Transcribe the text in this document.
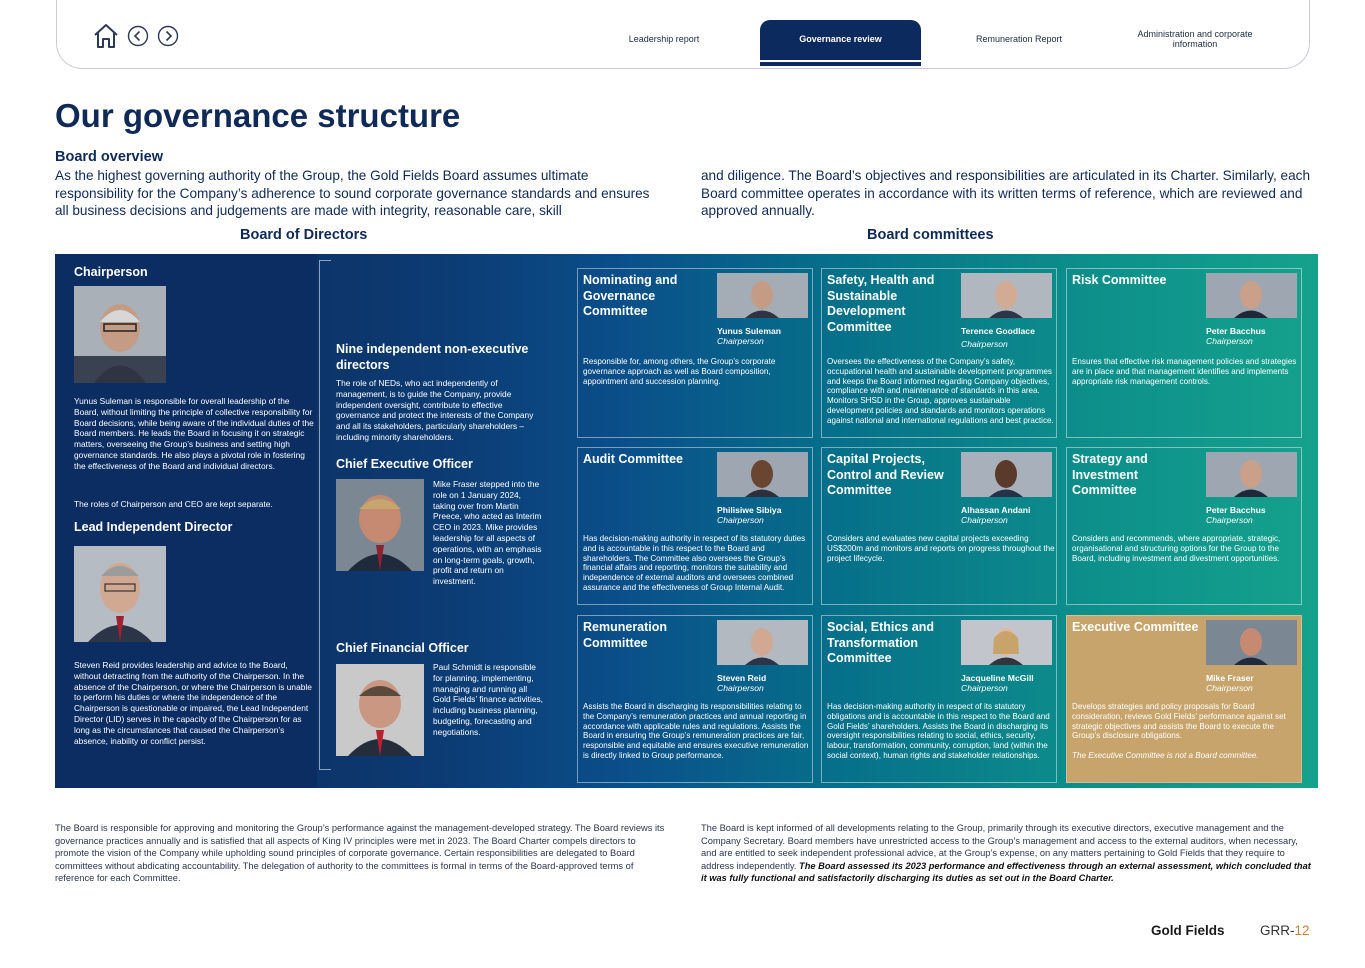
Leadership report	Governance review	Remuneration Report	Administration and corporate information
Our governance structure
Board overview

As the highest governing authority of the Group, the Gold Fields Board assumes ultimate responsibility for the Company’s adherence to sound corporate governance standards and ensures all business decisions and judgements are made with integrity, reasonable care, skill

and diligence. The Board’s objectives and responsibilities are articulated in its Charter. Similarly, each Board committee operates in accordance with its written terms of reference, which are reviewed and approved annually.

Board of Directors	Board committees
Chairperson
Yunus Suleman is responsible for overall leadership of the Board, without limiting the principle of collective responsibility for Board decisions, while being aware of the individual duties of the Board members. He leads the Board in focusing it on strategic matters, overseeing the Group’s business and setting high governance standards. He also plays a pivotal role in fostering the effectiveness of the Board and individual directors.
The roles of Chairperson and CEO are kept separate.
Lead Independent Director
Steven Reid provides leadership and advice to the Board, without detracting from the authority of the Chairperson. In the absence of the Chairperson, or where the Chairperson is unable to perform his duties or where the independence of the Chairperson is questionable or impaired, the Lead Independent Director (LID) serves in the capacity of the Chairperson for as long as the circumstances that caused the Chairperson’s absence, inability or conflict persist.
Nine independent non-executive directors
The role of NEDs, who act independently of management, is to guide the Company, provide independent oversight, contribute to effective governance and protect the interests of the Company and all its stakeholders, particularly shareholders – including minority shareholders.
Chief Executive Officer
Mike Fraser stepped into the role on 1 January 2024, taking over from Martin Preece, who acted as Interim CEO in 2023. Mike provides leadership for all aspects of operations, with an emphasis on long-term goals, growth, profit and return on investment.
Chief Financial Officer
Paul Schmidt is responsible for planning, implementing, managing and running all Gold Fields’ finance activities, including business planning, budgeting, forecasting and negotiations.
Nominating and Governance Committee
Yunus Suleman
Chairperson
Responsible for, among others, the Group’s corporate governance approach as well as Board composition, appointment and succession planning.
Safety, Health and Sustainable Development Committee	Terence Goodlace
Chairperson
Oversees the effectiveness of the Company’s safety, occupational health and sustainable development programmes and keeps the Board informed regarding Company objectives, compliance with and maintenance of standards in this area. Monitors SHSD in the Group, approves sustainable development policies and standards and monitors operations against national and international regulations and best practice.
Risk Committee
Peter Bacchus
Chairperson
Ensures that effective risk management policies and strategies are in place and that management identifies and implements appropriate risk management controls.
Audit Committee
Philisiwe Sibiya
Chairperson
Has decision-making authority in respect of its statutory duties and is accountable in this respect to the Board and shareholders. The Committee also oversees the Group’s financial affairs and reporting, monitors the suitability and independence of external auditors and oversees combined assurance and the effectiveness of Group Internal Audit.
Capital Projects, Control and Review Committee
Alhassan Andani
Chairperson
Considers and evaluates new capital projects exceeding US$200m and monitors and reports on progress throughout the project lifecycle.
Strategy and Investment Committee
Peter Bacchus
Chairperson
Considers and recommends, where appropriate, strategic, organisational and structuring options for the Group to the Board, including investment and divestment opportunities.
Remuneration Committee
Steven Reid
Chairperson
Assists the Board in discharging its responsibilities relating to the Company’s remuneration practices and annual reporting in accordance with applicable rules and regulations. Assists the Board in ensuring the Group’s remuneration practices are fair, responsible and equitable and ensures executive remuneration is directly linked to Group performance.
Social, Ethics and Transformation Committee
Jacqueline McGill
Chairperson
Has decision-making authority in respect of its statutory obligations and is accountable in this respect to the Board and Gold Fields’ shareholders. Assists the Board in discharging its oversight responsibilities relating to social, ethics, security, labour, transformation, community, corruption, land (within the social context), human rights and stakeholder relationships.
Executive Committee
Mike Fraser
Chairperson
Develops strategies and policy proposals for Board consideration, reviews Gold Fields’ performance against set strategic objectives and assists the Board to execute the Group’s disclosure obligations.
The Executive Committee is not a Board committee.

The Board is responsible for approving and monitoring the Group’s performance against the management-developed strategy. The Board reviews its governance practices annually and is satisfied that all aspects of King IV principles were met in 2023. The Board Charter compels directors to promote the vision of the Company while upholding sound principles of corporate governance. Certain responsibilities are delegated to Board committees without abdicating accountability. The delegation of authority to the committees is formal in terms of the Board-approved terms of reference for each Committee.

The Board is kept informed of all developments relating to the Group, primarily through its executive directors, executive management and the Company Secretary. Board members have unrestricted access to the Group’s management and access to the external auditors, when necessary, and are entitled to seek independent professional advice, at the Group’s expense, on any matters pertaining to Gold Fields that they require to address independently. The Board assessed its 2023 performance and effectiveness through an external assessment, which concluded that it was fully functional and satisfactorily discharging its duties as set out in the Board Charter.

Gold Fields	GRR-12
